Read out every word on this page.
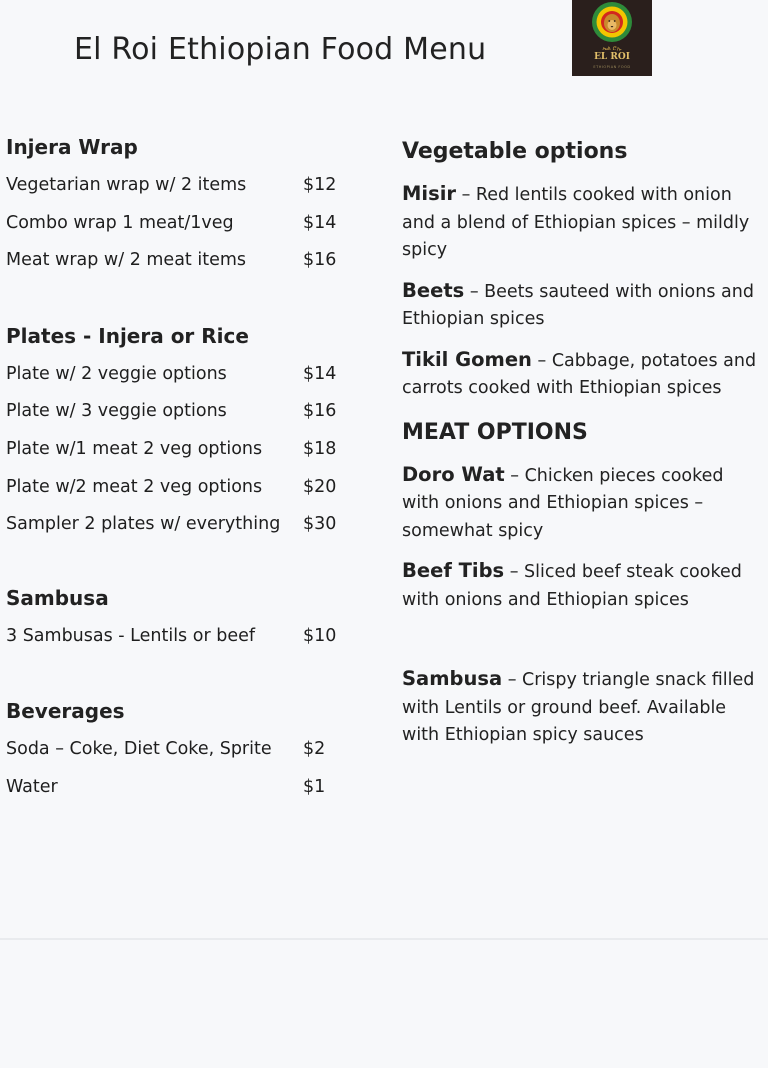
El Roi Ethiopian Food Menu	ኤል ሮኢ
EL ROI
ETHIOPIAN FOOD
Injera Wrap
Vegetarian wrap w/ 2 items	$12
Combo wrap 1 meat/1veg	$14
Meat wrap w/ 2 meat items	$16
Plates - Injera or Rice
Plate w/ 2 veggie options	$14
Plate w/ 3 veggie options	$16
Plate w/1 meat 2 veg options $18
Plate w/2 meat 2 veg options $20
Sampler 2 plates w/ everything $30
Sambusa
3 Sambusas - Lentils or beef	$10
Beverages
Soda – Coke, Diet Coke, Sprite $2
Water	$1
Vegetable options
Misir – Red lentils cooked with onion and a blend of Ethiopian spices – mildly spicy
Beets – Beets sauteed with onions and Ethiopian spices
Tikil Gomen – Cabbage, potatoes and carrots cooked with Ethiopian spices
MEAT OPTIONS
Doro Wat – Chicken pieces cooked with onions and Ethiopian spices – somewhat spicy
Beef Tibs – Sliced beef steak cooked with onions and Ethiopian spices
Sambusa – Crispy triangle snack filled with Lentils or ground beef. Available with Ethiopian spicy sauces
